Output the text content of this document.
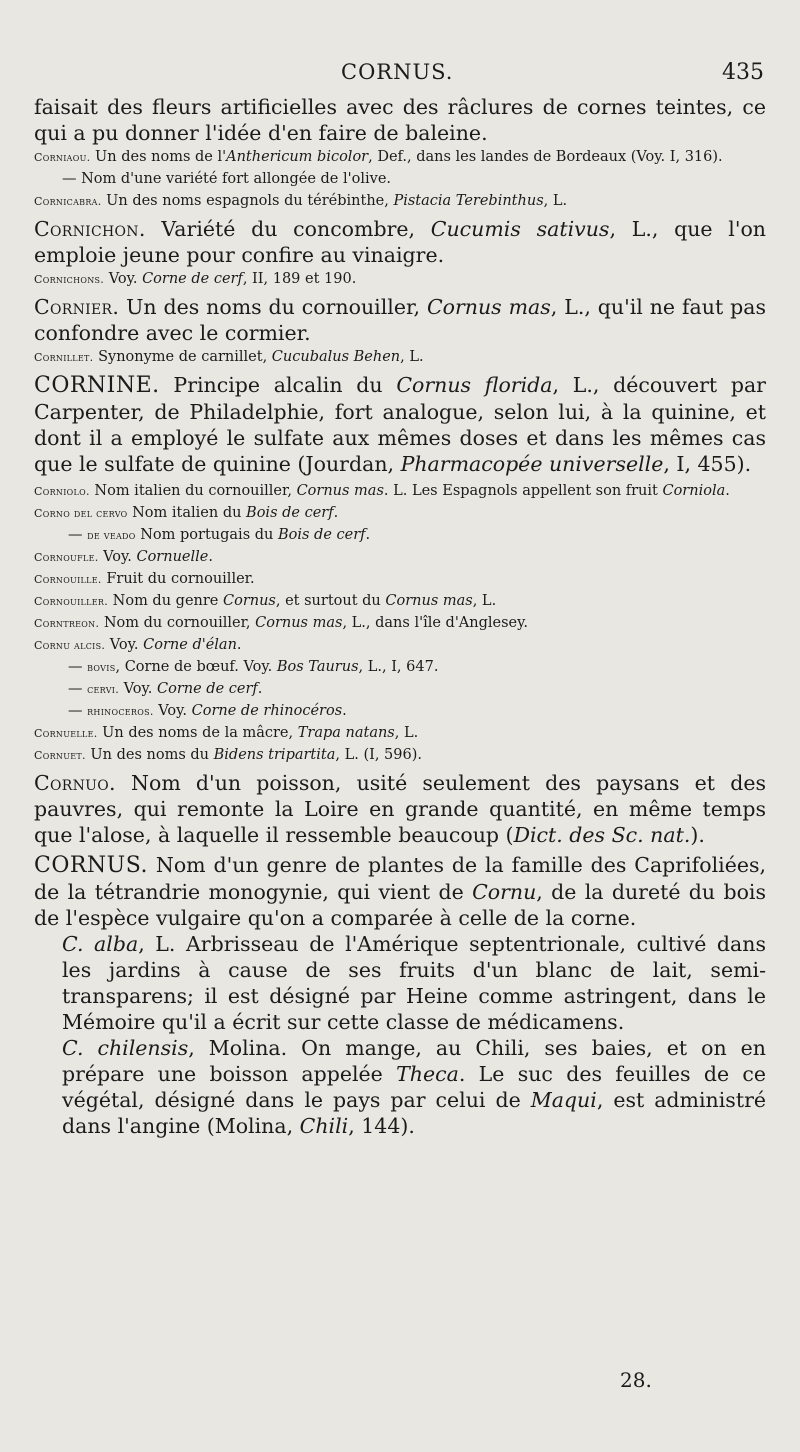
CORNUS.	435

faisait des fleurs artificielles avec des râclures de cornes teintes, ce qui a pu donner l'idée d'en faire de baleine.

Corniaou. Un des noms de l'Anthericum bicolor, Def., dans les landes de Bordeaux (Voy. I, 316).

— Nom d'une variété fort allongée de l'olive.

Cornicabra. Un des noms espagnols du térébinthe, Pistacia Terebinthus, L.

Cornichon. Variété du concombre, Cucumis sativus, L., que l'on emploie jeune pour confire au vinaigre.

Cornichons. Voy. Corne de cerf, II, 189 et 190.

Cornier. Un des noms du cornouiller, Cornus mas, L., qu'il ne faut pas confondre avec le cormier.

Cornillet. Synonyme de carnillet, Cucubalus Behen, L.

CORNINE. Principe alcalin du Cornus florida, L., découvert par Carpenter, de Philadelphie, fort analogue, selon lui, à la quinine, et dont il a employé le sulfate aux mêmes doses et dans les mêmes cas que le sulfate de quinine (Jourdan, Pharmacopée universelle, I, 455).

Corniolo. Nom italien du cornouiller, Cornus mas. L. Les Espagnols appellent son fruit Corniola.

Corno del cervo Nom italien du Bois de cerf.

— de veado Nom portugais du Bois de cerf.

Cornoufle. Voy. Cornuelle.

Cornouille. Fruit du cornouiller.

Cornouiller. Nom du genre Cornus, et surtout du Cornus mas, L.

Corntreon. Nom du cornouiller, Cornus mas, L., dans l'île d'Anglesey.

Cornu alcis. Voy. Corne d'élan.

— bovis, Corne de bœuf. Voy. Bos Taurus, L., I, 647.

— cervi. Voy. Corne de cerf.

— rhinoceros. Voy. Corne de rhinocéros.

Cornuelle. Un des noms de la mâcre, Trapa natans, L.

Cornuet. Un des noms du Bidens tripartita, L. (I, 596).

Cornuo. Nom d'un poisson, usité seulement des paysans et des pauvres, qui remonte la Loire en grande quantité, en même temps que l'alose, à laquelle il ressemble beaucoup (Dict. des Sc. nat.).

CORNUS. Nom d'un genre de plantes de la famille des Caprifoliées, de la tétrandrie monogynie, qui vient de Cornu, de la dureté du bois de l'espèce vulgaire qu'on a comparée à celle de la corne.

C. alba, L. Arbrisseau de l'Amérique septentrionale, cultivé dans les jardins à cause de ses fruits d'un blanc de lait, semi-transparens; il est désigné par Heine comme astringent, dans le Mémoire qu'il a écrit sur cette classe de médicamens.

C. chilensis, Molina. On mange, au Chili, ses baies, et on en prépare une boisson appelée Theca. Le suc des feuilles de ce végétal, désigné dans le pays par celui de Maqui, est administré dans l'angine (Molina, Chili, 144).

28.
